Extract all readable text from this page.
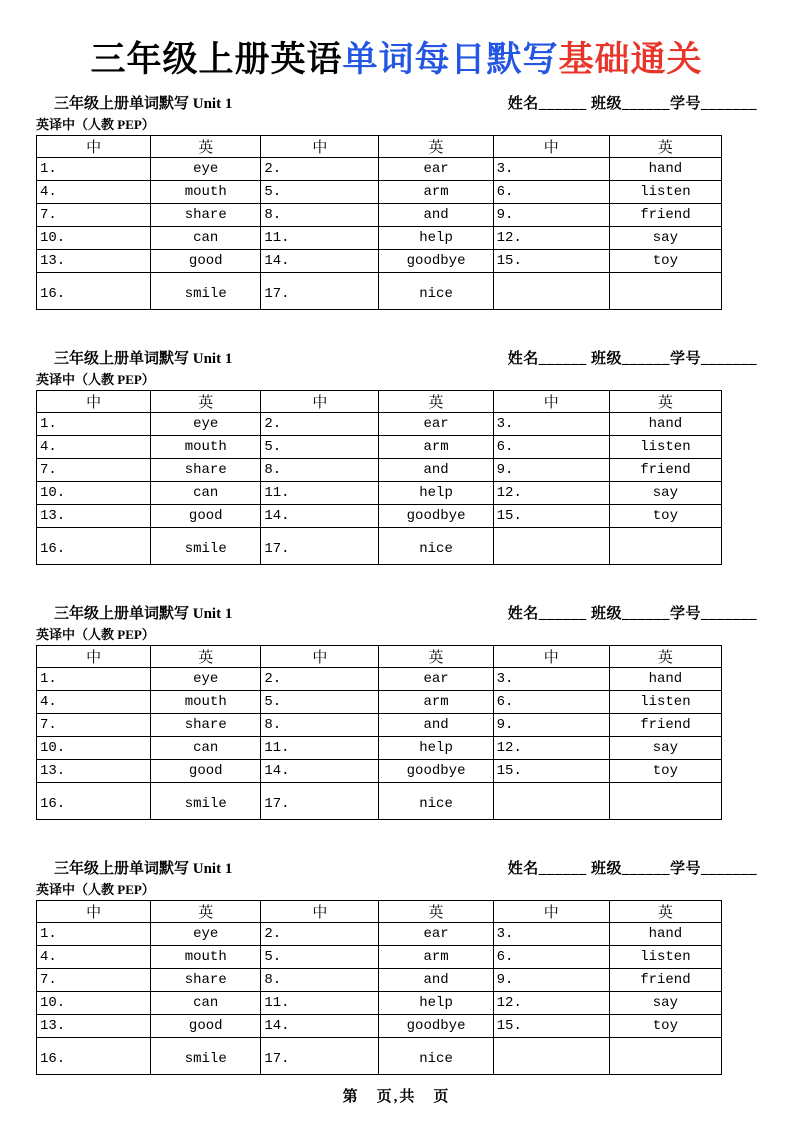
三年级上册英语单词每日默写基础通关
三年级上册单词默写 Unit 1	姓名______ 班级______学号_______
英译中（人教 PEP）
中	英	中	英	中	英
1.	eye	2.	ear	3.	hand
4.	mouth	5.	arm	6.	listen
7.	share	8.	and	9.	friend
10.	can	11.	help	12.	say
13.	good	14.	goodbye	15.	toy
16.	smile	17.	nice		
三年级上册单词默写 Unit 1	姓名______ 班级______学号_______
英译中（人教 PEP）
中	英	中	英	中	英
1.	eye	2.	ear	3.	hand
4.	mouth	5.	arm	6.	listen
7.	share	8.	and	9.	friend
10.	can	11.	help	12.	say
13.	good	14.	goodbye	15.	toy
16.	smile	17.	nice		
三年级上册单词默写 Unit 1	姓名______ 班级______学号_______
英译中（人教 PEP）
中	英	中	英	中	英
1.	eye	2.	ear	3.	hand
4.	mouth	5.	arm	6.	listen
7.	share	8.	and	9.	friend
10.	can	11.	help	12.	say
13.	good	14.	goodbye	15.	toy
16.	smile	17.	nice		
三年级上册单词默写 Unit 1	姓名______ 班级______学号_______
英译中（人教 PEP）
中	英	中	英	中	英
1.	eye	2.	ear	3.	hand
4.	mouth	5.	arm	6.	listen
7.	share	8.	and	9.	friend
10.	can	11.	help	12.	say
13.	good	14.	goodbye	15.	toy
16.	smile	17.	nice		
第　页,共　页
